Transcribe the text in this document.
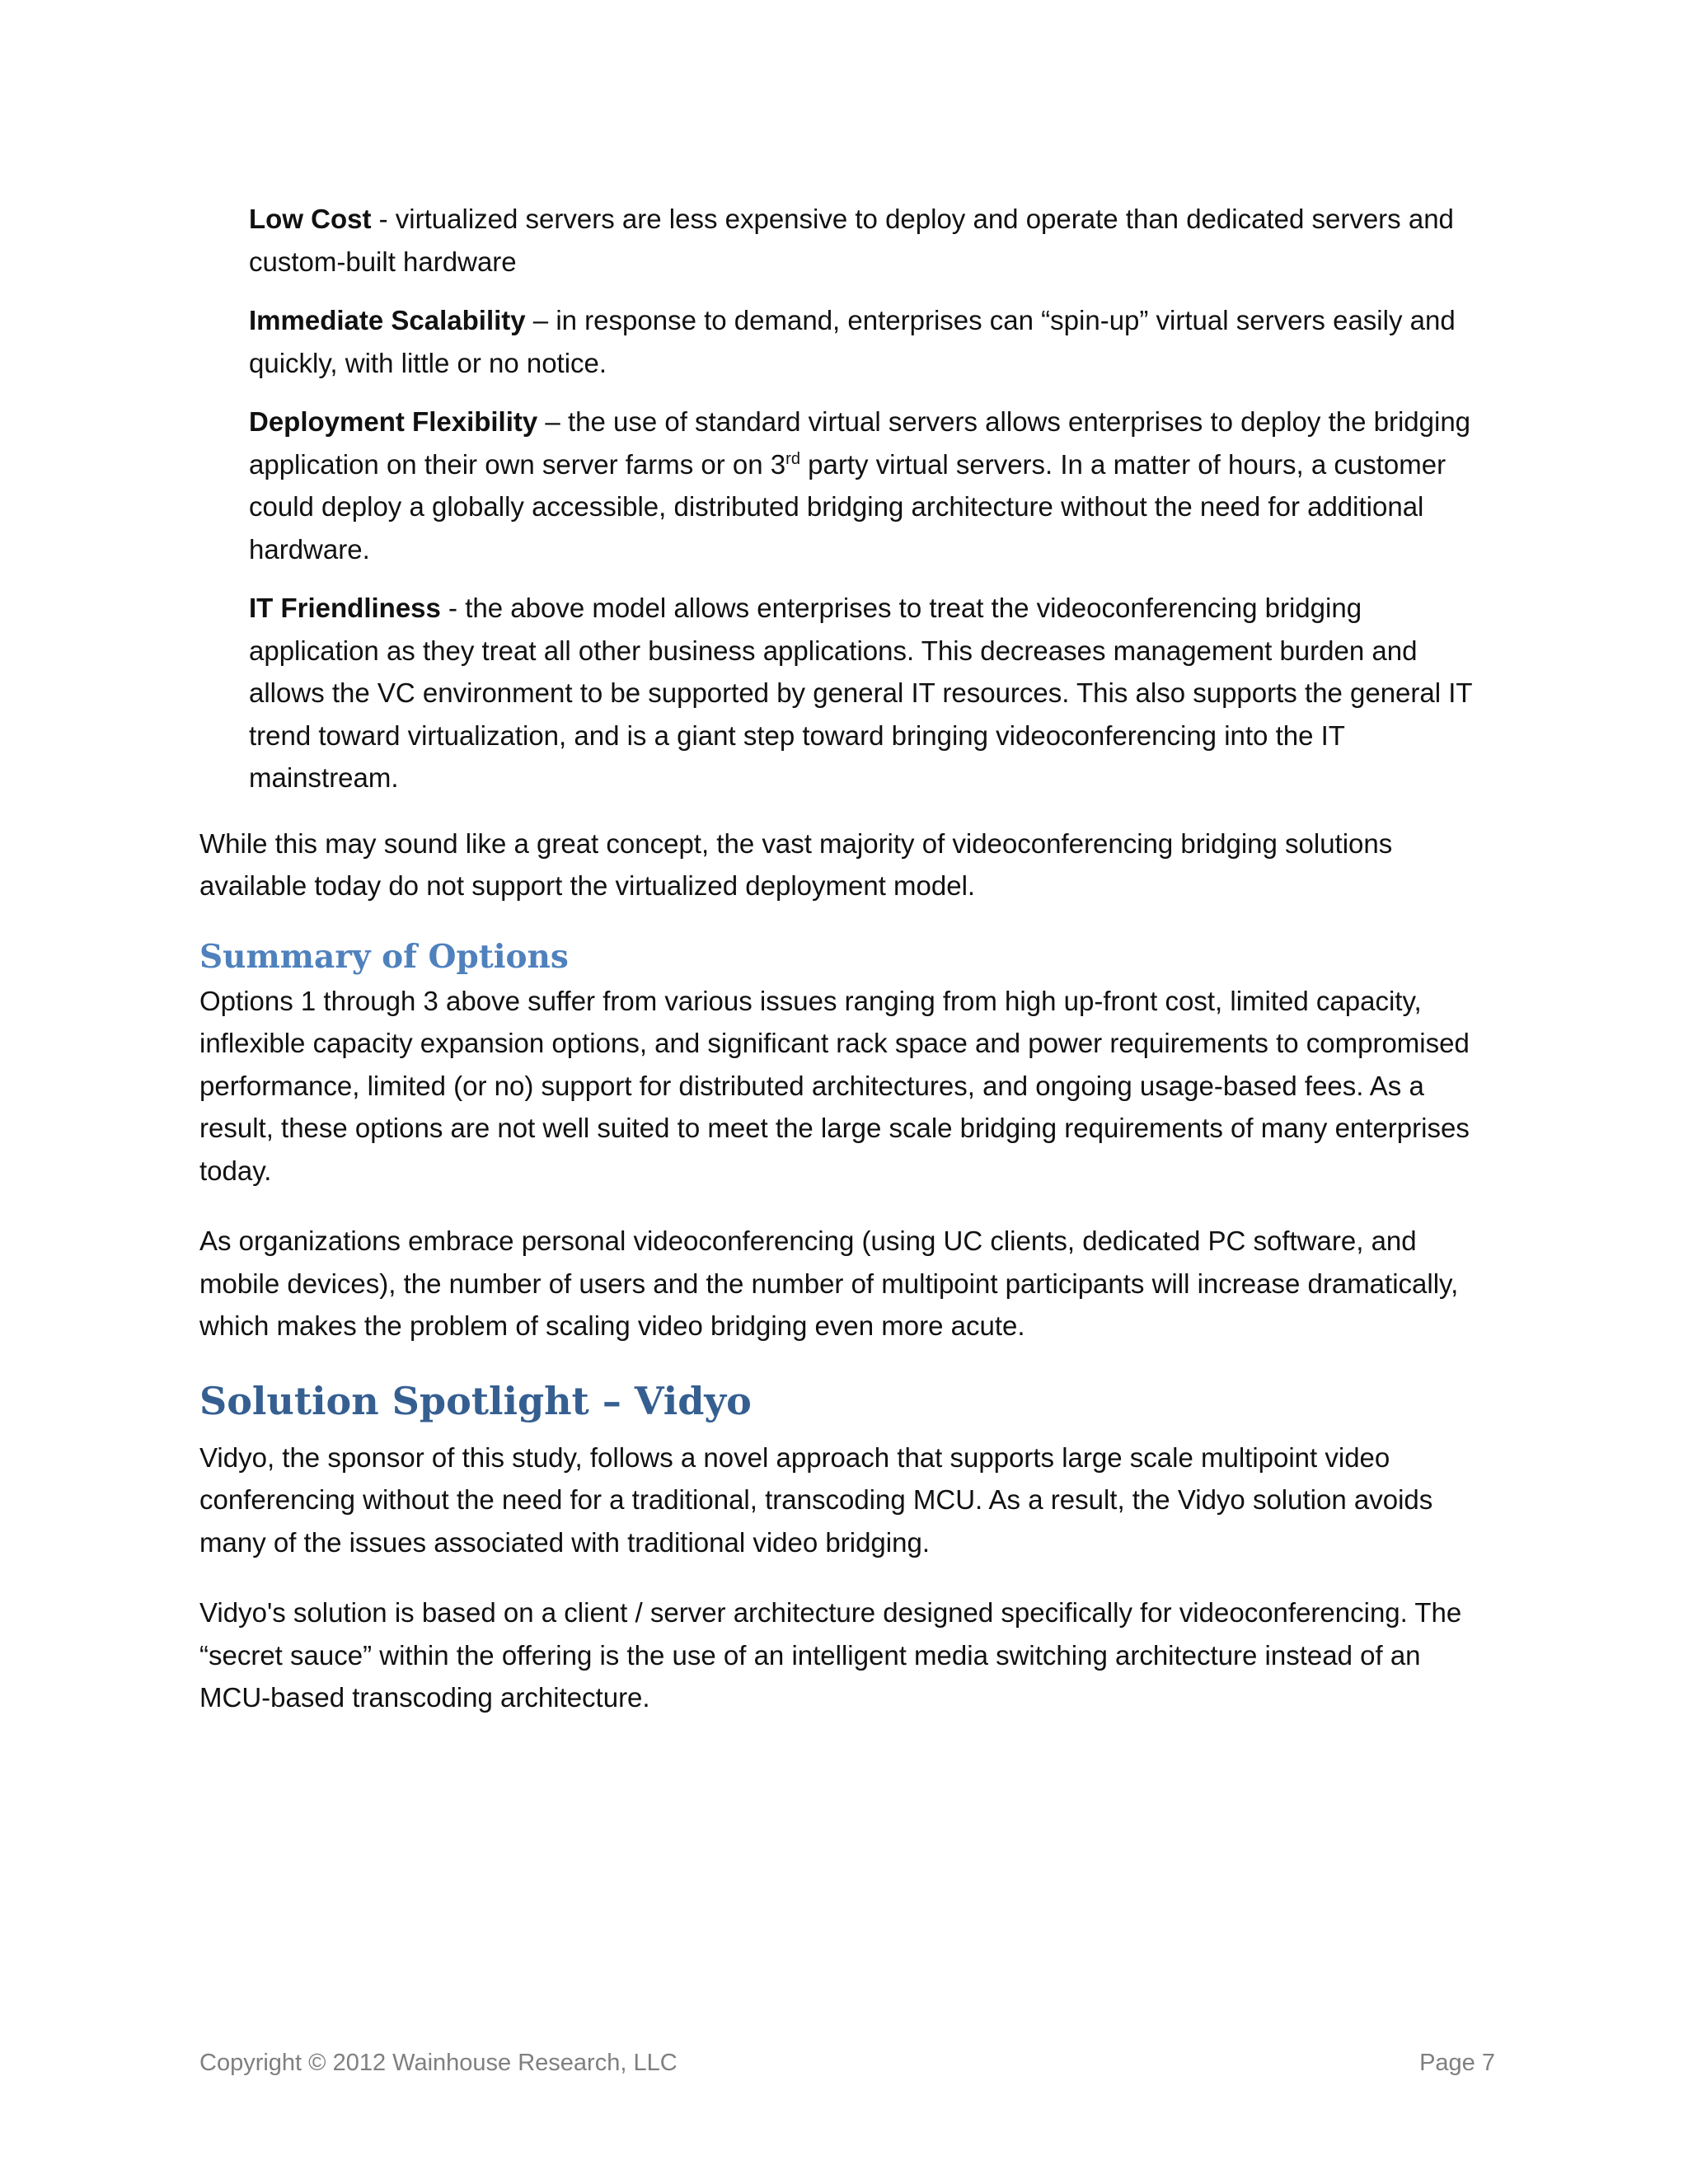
Low Cost - virtualized servers are less expensive to deploy and operate than dedicated servers and custom-built hardware
Immediate Scalability – in response to demand, enterprises can “spin-up” virtual servers easily and quickly, with little or no notice.
Deployment Flexibility – the use of standard virtual servers allows enterprises to deploy the bridging application on their own server farms or on 3rd party virtual servers. In a matter of hours, a customer could deploy a globally accessible, distributed bridging architecture without the need for additional hardware.
IT Friendliness - the above model allows enterprises to treat the videoconferencing bridging application as they treat all other business applications. This decreases management burden and allows the VC environment to be supported by general IT resources. This also supports the general IT trend toward virtualization, and is a giant step toward bringing videoconferencing into the IT mainstream.
While this may sound like a great concept, the vast majority of videoconferencing bridging solutions available today do not support the virtualized deployment model.
Summary of Options
Options 1 through 3 above suffer from various issues ranging from high up-front cost, limited capacity, inflexible capacity expansion options, and significant rack space and power requirements to compromised performance, limited (or no) support for distributed architectures, and ongoing usage-based fees. As a result, these options are not well suited to meet the large scale bridging requirements of many enterprises today.
As organizations embrace personal videoconferencing (using UC clients, dedicated PC software, and mobile devices), the number of users and the number of multipoint participants will increase dramatically, which makes the problem of scaling video bridging even more acute.
Solution Spotlight – Vidyo
Vidyo, the sponsor of this study, follows a novel approach that supports large scale multipoint video conferencing without the need for a traditional, transcoding MCU. As a result, the Vidyo solution avoids many of the issues associated with traditional video bridging.
Vidyo's solution is based on a client / server architecture designed specifically for videoconferencing. The “secret sauce” within the offering is the use of an intelligent media switching architecture instead of an MCU-based transcoding architecture.
Copyright © 2012 Wainhouse Research, LLC	Page 7
